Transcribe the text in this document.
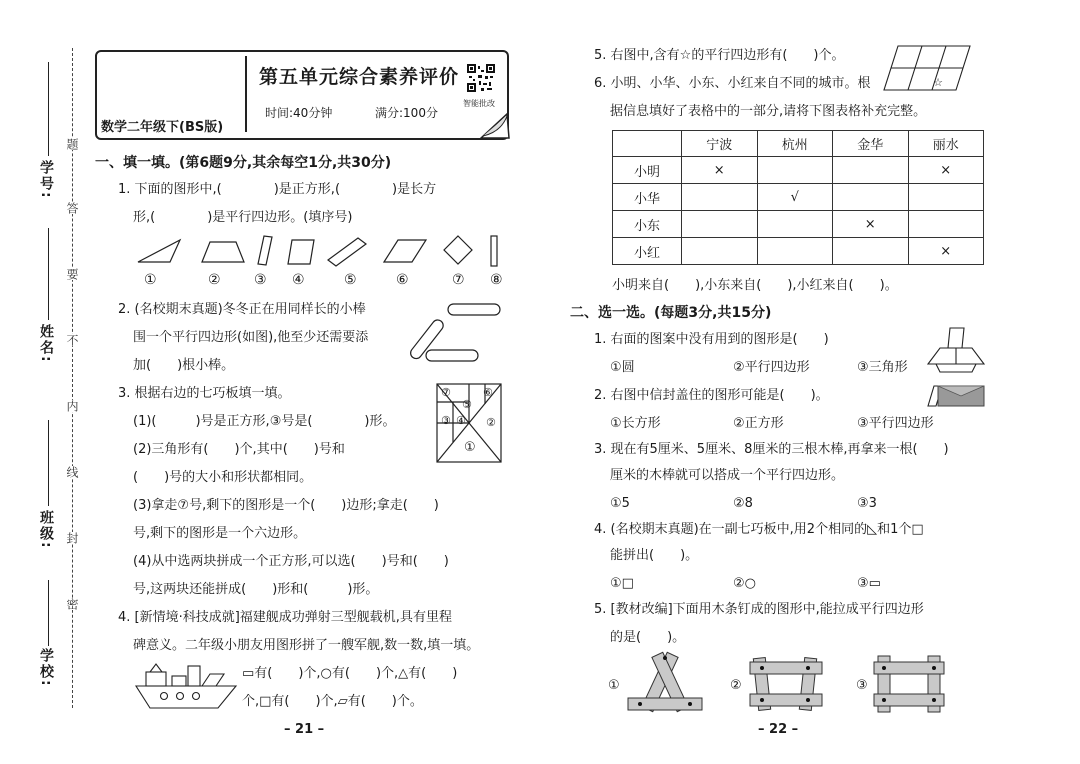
学校:
班级:
姓名:
学号:
题
答
要
不
内
线
封
密
第五单元综合素养评价
数学二年级下(BS版)
时间:40分钟	满分:100分
智能批改
一、填一填。(第6题9分,其余每空1分,共30分)
1. 下面的图形中,(　　　　)是正方形,(　　　　)是长方
形,(　　　　)是平行四边形。(填序号)
①	② ③ ④	⑤	⑥	⑦ ⑧
2. (名校期末真题)冬冬正在用同样长的小棒
围一个平行四边形(如图),他至少还需要添
加(　　)根小棒。
3. 根据右边的七巧板填一填。
(1)(　　　)号是正方形,③号是(　　　　)形。
(2)三角形有(　　)个,其中(　　)号和
(　　)号的大小和形状都相同。
(3)拿走⑦号,剩下的图形是一个(　　)边形;拿走(　　)
号,剩下的图形是一个六边形。
(4)从中选两块拼成一个正方形,可以选(　　)号和(　　)
号,这两块还能拼成(　　)形和(　　　)形。
⑦	⑥
⑤
③ ④ ②
①
4. [新情境·科技成就]福建舰成功弹射三型舰载机,具有里程
碑意义。二年级小朋友用图形拼了一艘军舰,数一数,填一填。
▭有(　　)个,○有(　　)个,△有(　　)
个,□有(　　)个,▱有(　　)个。
– 21 –
5. 右图中,含有☆的平行四边形有(　　)个。
☆
6. 小明、小华、小东、小红来自不同的城市。根
据信息填好了表格中的一部分,请将下图表格补充完整。
	宁波	杭州	金华	丽水
小明	×			×
小华		√		
小东			×	
小红				×
小明来自(　　),小东来自(　　),小红来自(　　)。
二、选一选。(每题3分,共15分)
1. 右面的图案中没有用到的图形是(　　)
①圆	②平行四边形	③三角形
2. 右图中信封盖住的图形可能是(　　)。
①长方形	②正方形	③平行四边形
3. 现在有5厘米、5厘米、8厘米的三根木棒,再拿来一根(　　)
厘米的木棒就可以搭成一个平行四边形。
①5	②8	③3
4. (名校期末真题)在一副七巧板中,用2个相同的◺和1个□
能拼出(　　)。
①□	②○	③▭
5. [教材改编]下面用木条钉成的图形中,能拉成平行四边形
的是(　　)。
①	②	③
– 22 –
